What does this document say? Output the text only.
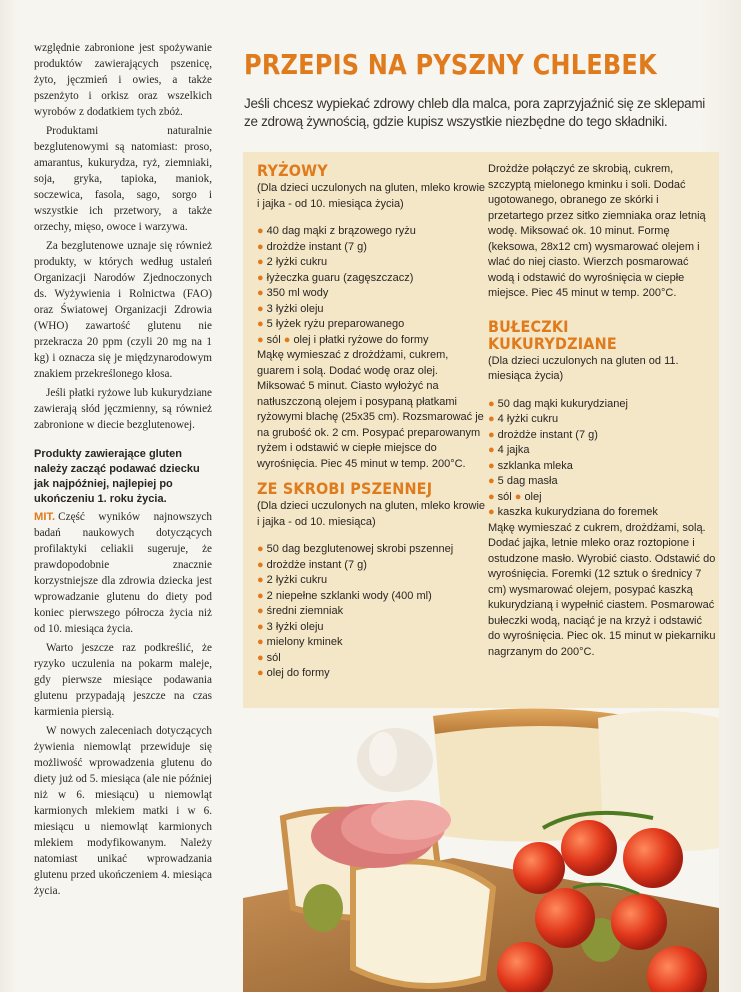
względnie zabronione jest spożywanie produktów zawierających pszenicę, żyto, jęczmień i owies, a także pszenżyto i orkisz oraz wszelkich wyrobów z dodatkiem tych zbóż.

Produktami naturalnie bezglutenowymi są natomiast: proso, amarantus, kukurydza, ryż, ziemniaki, soja, gryka, tapioka, maniok, soczewica, fasola, sago, sorgo i wszystkie ich przetwory, a także orzechy, mięso, owoce i warzywa.

Za bezglutenowe uznaje się również produkty, w których według ustaleń Organizacji Narodów Zjednoczonych ds. Wyżywienia i Rolnictwa (FAO) oraz Światowej Organizacji Zdrowia (WHO) zawartość glutenu nie przekracza 20 ppm (czyli 20 mg na 1 kg) i oznacza się je międzynarodowym znakiem przekreślonego kłosa.

Jeśli płatki ryżowe lub kukurydziane zawierają słód jęczmienny, są również zabronione w diecie bezglutenowej.

Produkty zawierające gluten należy zacząć podawać dziecku jak najpóźniej, najlepiej po ukończeniu 1. roku życia.

MIT. Część wyników najnowszych badań naukowych dotyczących profilaktyki celiakii sugeruje, że prawdopodobnie znacznie korzystniejsze dla zdrowia dziecka jest wprowadzanie glutenu do diety pod koniec pierwszego półrocza życia niż od 10. miesiąca życia.

Warto jeszcze raz podkreślić, że ryzyko uczulenia na pokarm maleje, gdy pierwsze miesiące podawania glutenu przypadają jeszcze na czas karmienia piersią.

W nowych zaleceniach dotyczących żywienia niemowląt przewiduje się możliwość wprowadzenia glutenu do diety już od 5. miesiąca (ale nie później niż w 6. miesiącu) u niemowląt karmionych mlekiem matki i w 6. miesiącu u niemowląt karmionych mlekiem modyfikowanym. Należy natomiast unikać wprowadzania glutenu przed ukończeniem 4. miesiąca życia.

PRZEPIS NA PYSZNY CHLEBEK
Jeśli chcesz wypiekać zdrowy chleb dla malca, pora zaprzyjaźnić się ze sklepami ze zdrową żywnością, gdzie kupisz wszystkie niezbędne do tego składniki.
RYŻOWY
(Dla dzieci uczulonych na gluten, mleko krowie i jajka - od 10. miesiąca życia)
● 40 dag mąki z brązowego ryżu
● drożdże instant (7 g)
● 2 łyżki cukru
● łyżeczka guaru (zagęszczacz)
● 350 ml wody
● 3 łyżki oleju
● 5 łyżek ryżu preparowanego
● sól ● olej i płatki ryżowe do formy
Mąkę wymieszać z drożdżami, cukrem, guarem i solą. Dodać wodę oraz olej. Miksować 5 minut. Ciasto wyłożyć na natłuszczoną olejem i posypaną płatkami ryżowymi blachę (25x35 cm). Rozsmarować je na grubość ok. 2 cm. Posypać preparowanym ryżem i odstawić w ciepłe miejsce do wyrośnięcia. Piec 45 minut w temp. 200°C.
ZE SKROBI PSZENNEJ
(Dla dzieci uczulonych na gluten, mleko krowie i jajka - od 10. miesiąca)
● 50 dag bezglutenowej skrobi pszennej
● drożdże instant (7 g)
● 2 łyżki cukru
● 2 niepełne szklanki wody (400 ml)
● średni ziemniak
● 3 łyżki oleju
● mielony kminek
● sól
● olej do formy
Drożdże połączyć ze skrobią, cukrem, szczyptą mielonego kminku i soli. Dodać ugotowanego, obranego ze skórki i przetartego przez sitko ziemniaka oraz letnią wodę. Miksować ok. 10 minut. Formę (keksowa, 28x12 cm) wysmarować olejem i wlać do niej ciasto. Wierzch posmarować wodą i odstawić do wyrośnięcia w ciepłe miejsce. Piec 45 minut w temp. 200°C.
BUŁECZKI
KUKURYDZIANE
(Dla dzieci uczulonych na gluten od 11. miesiąca życia)
● 50 dag mąki kukurydzianej
● 4 łyżki cukru
● drożdże instant (7 g)
● 4 jajka
● szklanka mleka
● 5 dag masła
● sól ● olej
● kaszka kukurydziana do foremek
Mąkę wymieszać z cukrem, drożdżami, solą. Dodać jajka, letnie mleko oraz roztopione i ostudzone masło. Wyrobić ciasto. Odstawić do wyrośnięcia. Foremki (12 sztuk o średnicy 7 cm) wysmarować olejem, posypać kaszką kukurydzianą i wypełnić ciastem. Posmarować bułeczki wodą, naciąć je na krzyż i odstawić do wyrośnięcia. Piec ok. 15 minut w piekarniku nagrzanym do 200°C.
